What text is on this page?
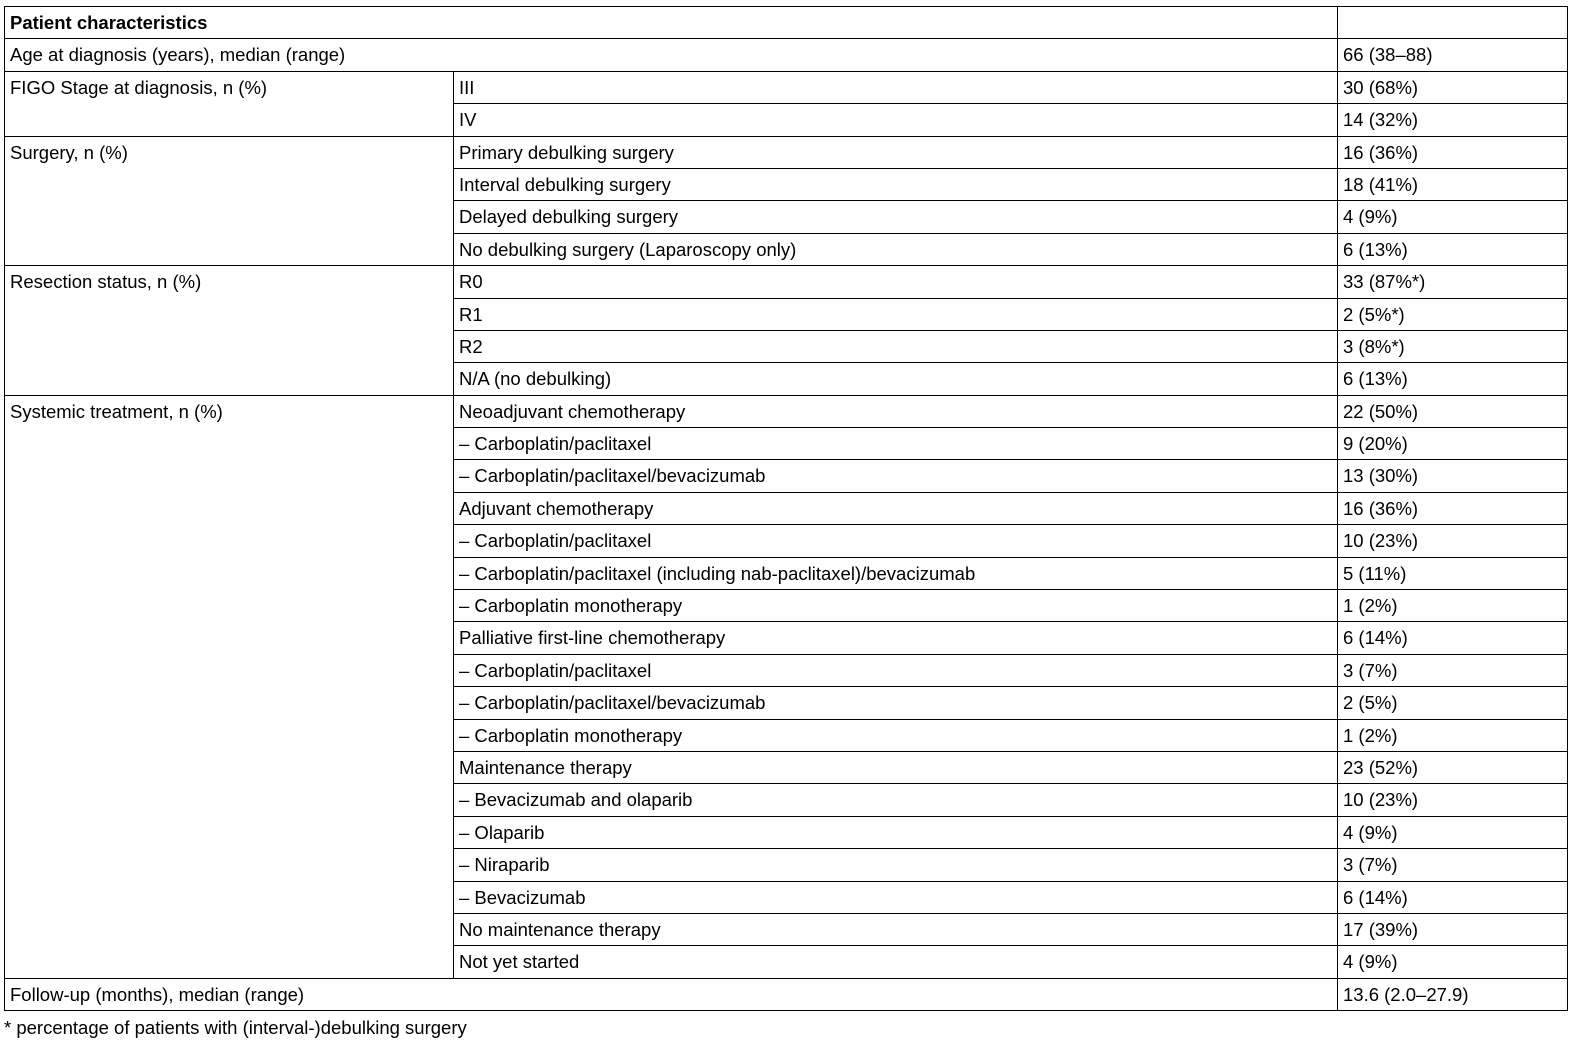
Patient characteristics		
Age at diagnosis (years), median (range)		66 (38–88)
FIGO Stage at diagnosis, n (%)	III	30 (68%)
	IV	14 (32%)
Surgery, n (%)	Primary debulking surgery	16 (36%)
	Interval debulking surgery	18 (41%)
	Delayed debulking surgery	4 (9%)
	No debulking surgery (Laparoscopy only)	6 (13%)
Resection status, n (%)	R0	33 (87%*)
	R1	2 (5%*)
	R2	3 (8%*)
	N/A (no debulking)	6 (13%)
Systemic treatment, n (%)	Neoadjuvant chemotherapy	22 (50%)
	– Carboplatin/paclitaxel	9 (20%)
	– Carboplatin/paclitaxel/bevacizumab	13 (30%)
	Adjuvant chemotherapy	16 (36%)
	– Carboplatin/paclitaxel	10 (23%)
	– Carboplatin/paclitaxel (including nab-paclitaxel)/bevacizumab	5 (11%)
	– Carboplatin monotherapy	1 (2%)
	Palliative first-line chemotherapy	6 (14%)
	– Carboplatin/paclitaxel	3 (7%)
	– Carboplatin/paclitaxel/bevacizumab	2 (5%)
	– Carboplatin monotherapy	1 (2%)
	Maintenance therapy	23 (52%)
	– Bevacizumab and olaparib	10 (23%)
	– Olaparib	4 (9%)
	– Niraparib	3 (7%)
	– Bevacizumab	6 (14%)
	No maintenance therapy	17 (39%)
	Not yet started	4 (9%)
Follow-up (months), median (range)		13.6 (2.0–27.9)
* percentage of patients with (interval-)debulking surgery
